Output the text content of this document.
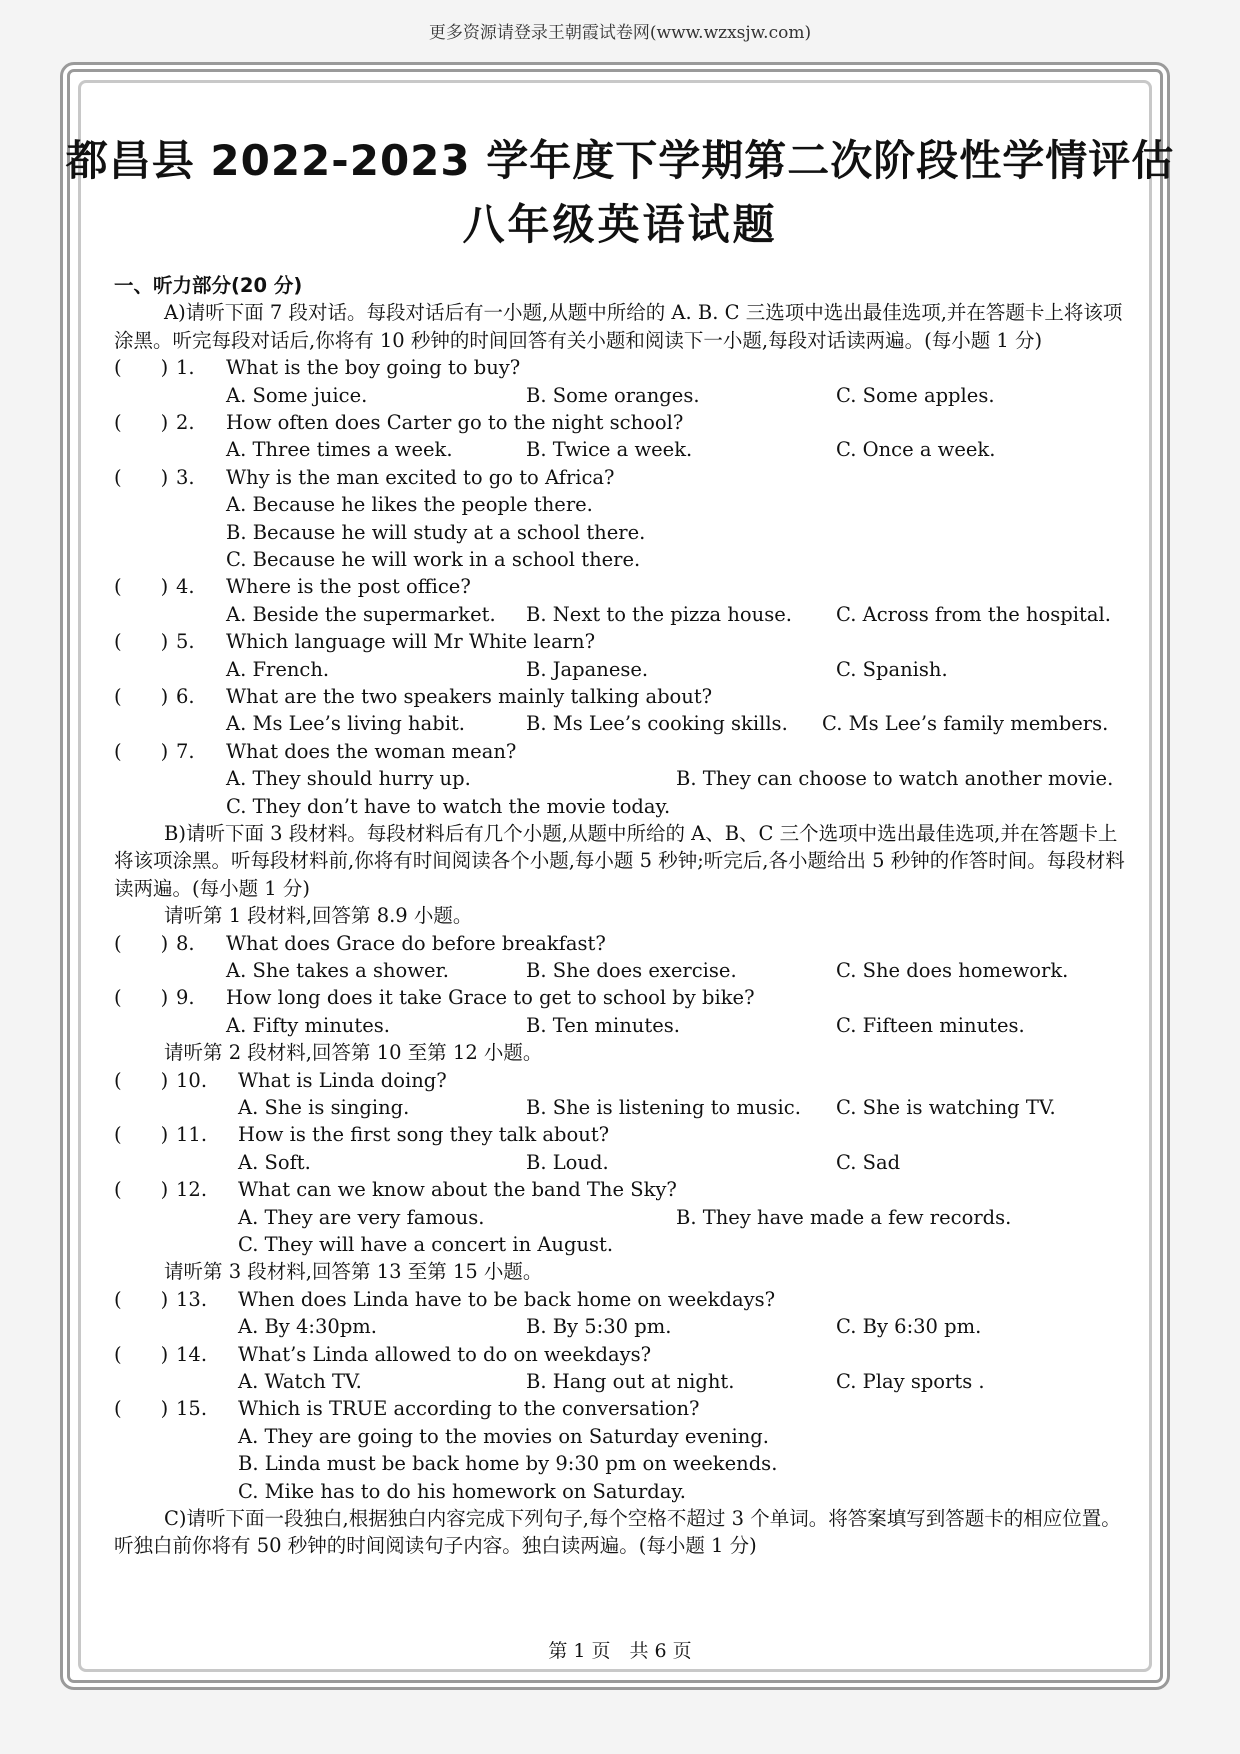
更多资源请登录王朝霞试卷网(www.wzxsjw.com)
都昌县 2022-2023 学年度下学期第二次阶段性学情评估
八年级英语试题
一、听力部分(20 分)
A)请听下面 7 段对话。每段对话后有一小题,从题中所给的 A. B. C 三选项中选出最佳选项,并在答题卡上将该项涂黑。听完每段对话后,你将有 10 秒钟的时间回答有关小题和阅读下一小题,每段对话读两遍。(每小题 1 分)
(　　) 1. What is the boy going to buy?
A. Some juice.	B. Some oranges.	C. Some apples.
(　　) 2. How often does Carter go to the night school?
A. Three times a week.	B. Twice a week.	C. Once a week.
(　　) 3. Why is the man excited to go to Africa?
A. Because he likes the people there.
B. Because he will study at a school there.
C. Because he will work in a school there.
(　　) 4. Where is the post office?
A. Beside the supermarket. B. Next to the pizza house. C. Across from the hospital.
(　　) 5. Which language will Mr White learn?
A. French.	B. Japanese.	C. Spanish.
(　　) 6. What are the two speakers mainly talking about?
A. Ms Lee’s living habit.	B. Ms Lee’s cooking skills. C. Ms Lee’s family members.
(　　) 7. What does the woman mean?
A. They should hurry up.	B. They can choose to watch another movie.
C. They don’t have to watch the movie today.
B)请听下面 3 段材料。每段材料后有几个小题,从题中所给的 A、B、C 三个选项中选出最佳选项,并在答题卡上将该项涂黑。听每段材料前,你将有时间阅读各个小题,每小题 5 秒钟;听完后,各小题给出 5 秒钟的作答时间。每段材料读两遍。(每小题 1 分)
请听第 1 段材料,回答第 8.9 小题。
(　　) 8. What does Grace do before breakfast?
A. She takes a shower.	B. She does exercise.	C. She does homework.
(　　) 9. How long does it take Grace to get to school by bike?
A. Fifty minutes.	B. Ten minutes.	C. Fifteen minutes.
请听第 2 段材料,回答第 10 至第 12 小题。
(　　) 10. What is Linda doing?
A. She is singing.	B. She is listening to music. C. She is watching TV.
(　　) 11. How is the first song they talk about?
A. Soft.	B. Loud.	C. Sad
(　　) 12. What can we know about the band The Sky?
A. They are very famous.	B. They have made a few records.
C. They will have a concert in August.
请听第 3 段材料,回答第 13 至第 15 小题。
(　　) 13. When does Linda have to be back home on weekdays?
A. By 4:30pm.	B. By 5:30 pm.	C. By 6:30 pm.
(　　) 14. What’s Linda allowed to do on weekdays?
A. Watch TV.	B. Hang out at night.	C. Play sports .
(　　) 15. Which is TRUE according to the conversation?
A. They are going to the movies on Saturday evening.
B. Linda must be back home by 9:30 pm on weekends.
C. Mike has to do his homework on Saturday.
C)请听下面一段独白,根据独白内容完成下列句子,每个空格不超过 3 个单词。将答案填写到答题卡的相应位置。听独白前你将有 50 秒钟的时间阅读句子内容。独白读两遍。(每小题 1 分)
第 1 页　共 6 页
